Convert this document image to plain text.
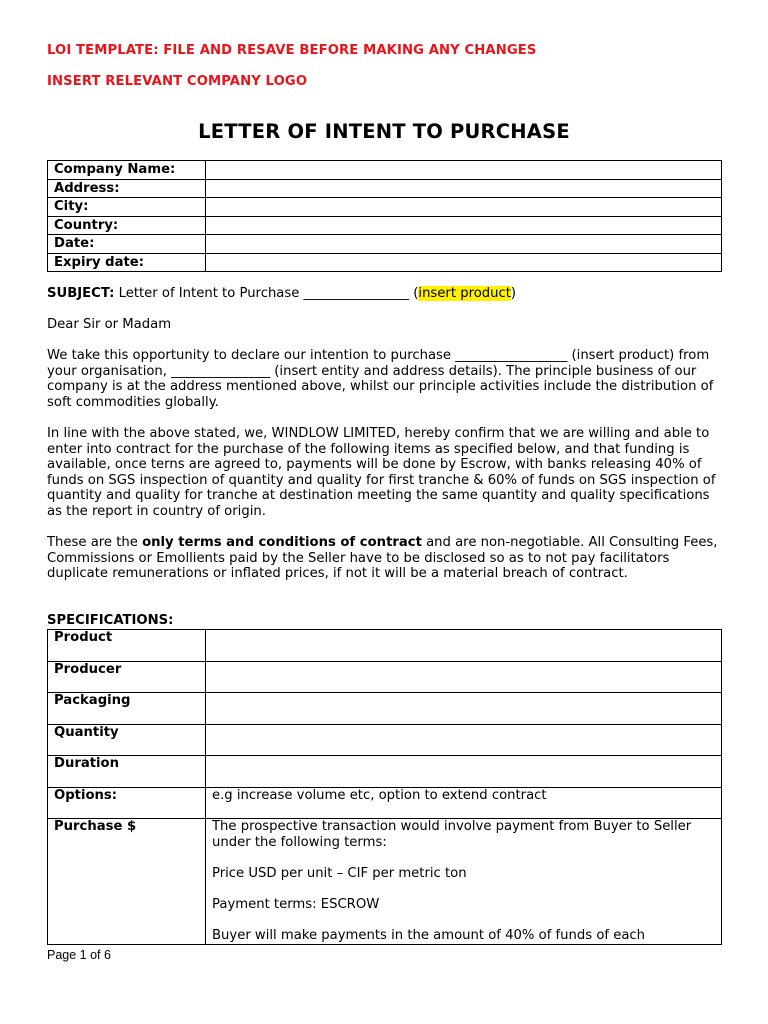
LOI TEMPLATE: FILE AND RESAVE BEFORE MAKING ANY CHANGES
INSERT RELEVANT COMPANY LOGO
LETTER OF INTENT TO PURCHASE
Company Name:	
Address:	
City:	
Country:	
Date:	
Expiry date:	

SUBJECT: Letter of Intent to Purchase ________________ (insert product)

Dear Sir or Madam

We take this opportunity to declare our intention to purchase _________________ (insert product) from your organisation, _______________ (insert entity and address details). The principle business of our company is at the address mentioned above, whilst our principle activities include the distribution of soft commodities globally.

In line with the above stated, we, WINDLOW LIMITED, hereby confirm that we are willing and able to enter into contract for the purchase of the following items as specified below, and that funding is available, once terns are agreed to, payments will be done by Escrow, with banks releasing 40% of funds on SGS inspection of quantity and quality for first tranche & 60% of funds on SGS inspection of quantity and quality for tranche at destination meeting the same quantity and quality specifications as the report in country of origin.

These are the only terms and conditions of contract and are non-negotiable. All Consulting Fees, Commissions or Emollients paid by the Seller have to be disclosed so as to not pay facilitators duplicate remunerations or inflated prices, if not it will be a material breach of contract.

SPECIFICATIONS:

Product	
Producer	
Packaging	
Quantity	
Duration	
Options:	e.g increase volume etc, option to extend contract
Purchase $	The prospective transaction would involve payment from Buyer to Seller under the following terms:
Price USD per unit – CIF per metric ton
Payment terms: ESCROW
Buyer will make payments in the amount of 40% of funds of each
Page 1 of 6
